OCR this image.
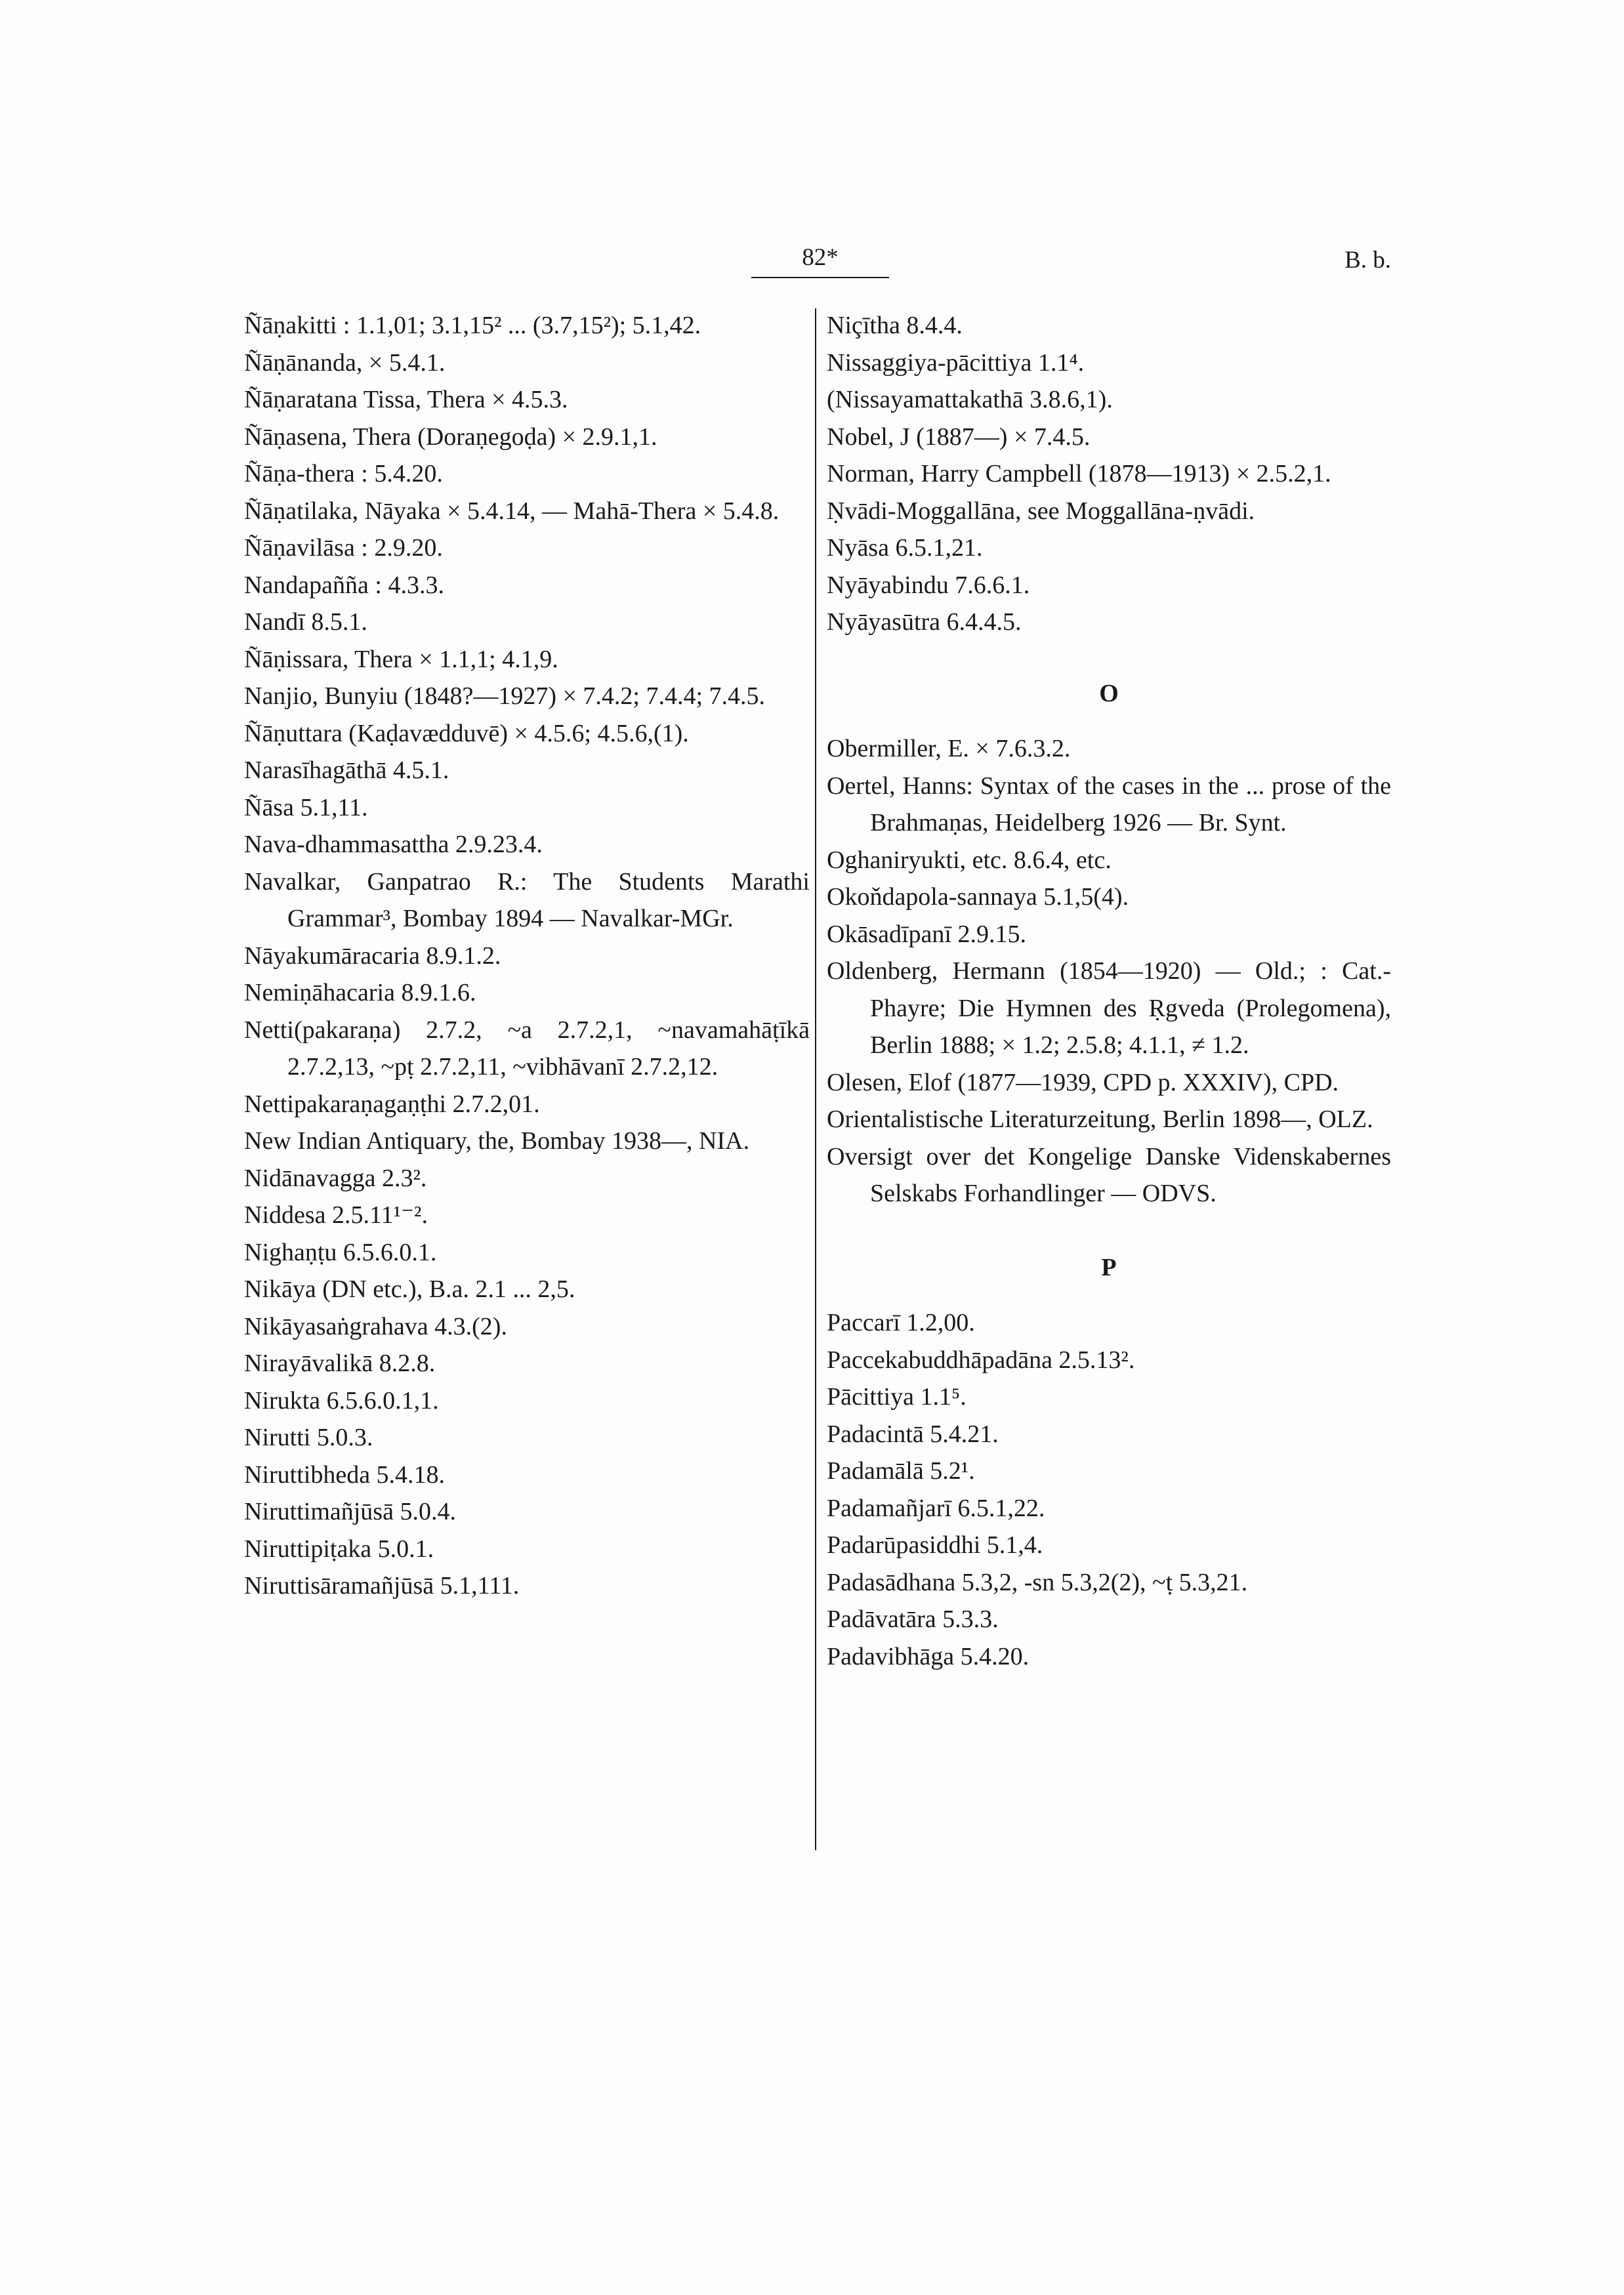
82*	B. b.

Ñāṇakitti : 1.1,01; 3.1,15² ... (3.7,15²); 5.1,42.

Ñāṇānanda, × 5.4.1.

Ñāṇaratana Tissa, Thera × 4.5.3.

Ñāṇasena, Thera (Doraṇegoḍa) × 2.9.1,1.

Ñāṇa-thera : 5.4.20.

Ñāṇatilaka, Nāyaka × 5.4.14, — Mahā-Thera × 5.4.8.

Ñāṇavilāsa : 2.9.20.

Nandapañña : 4.3.3.

Nandī 8.5.1.

Ñāṇissara, Thera × 1.1,1; 4.1,9.

Nanjio, Bunyiu (1848?—1927) × 7.4.2; 7.4.4; 7.4.5.

Ñāṇuttara (Kaḍavædduvē) × 4.5.6; 4.5.6,(1).

Narasīhagāthā 4.5.1.

Ñāsa 5.1,11.

Nava-dhammasattha 2.9.23.4.

Navalkar, Ganpatrao R.: The Students Marathi Grammar³, Bombay 1894 — Navalkar-MGr.

Nāyakumāracaria 8.9.1.2.

Nemiṇāhacaria 8.9.1.6.

Netti(pakaraṇa) 2.7.2, ~a 2.7.2,1, ~navamahāṭīkā 2.7.2,13, ~pṭ 2.7.2,11, ~vibhāvanī 2.7.2,12.

Nettipakaraṇagaṇṭhi 2.7.2,01.

New Indian Antiquary, the, Bombay 1938—, NIA.

Nidānavagga 2.3².

Niddesa 2.5.11¹⁻².

Nighaṇṭu 6.5.6.0.1.

Nikāya (DN etc.), B.a. 2.1 ... 2,5.

Nikāyasaṅgrahava 4.3.(2).

Nirayāvalikā 8.2.8.

Nirukta 6.5.6.0.1,1.

Nirutti 5.0.3.

Niruttibheda 5.4.18.

Niruttimañjūsā 5.0.4.

Niruttipiṭaka 5.0.1.

Niruttisāramañjūsā 5.1,111.

Niçītha 8.4.4.

Nissaggiya-pācittiya 1.1⁴.

(Nissayamattakathā 3.8.6,1).

Nobel, J (1887—) × 7.4.5.

Norman, Harry Campbell (1878—1913) × 2.5.2,1.

Ṇvādi-Moggallāna, see Moggallāna-ṇvādi.

Nyāsa 6.5.1,21.

Nyāyabindu 7.6.6.1.

Nyāyasūtra 6.4.4.5.

O

Obermiller, E. × 7.6.3.2.

Oertel, Hanns: Syntax of the cases in the ... prose of the Brahmaṇas, Heidelberg 1926 — Br. Synt.

Oghaniryukti, etc. 8.6.4, etc.

Okoňdapola-sannaya 5.1,5(4).

Okāsadīpanī 2.9.15.

Oldenberg, Hermann (1854—1920) — Old.; : Cat.-Phayre; Die Hymnen des Ṛgveda (Prolegomena), Berlin 1888; × 1.2; 2.5.8; 4.1.1, ≠ 1.2.

Olesen, Elof (1877—1939, CPD p. XXXIV), CPD.

Orientalistische Literaturzeitung, Berlin 1898—, OLZ.

Oversigt over det Kongelige Danske Videnskabernes Selskabs Forhandlinger — ODVS.

P

Paccarī 1.2,00.

Paccekabuddhāpadāna 2.5.13².

Pācittiya 1.1⁵.

Padacintā 5.4.21.

Padamālā 5.2¹.

Padamañjarī 6.5.1,22.

Padarūpasiddhi 5.1,4.

Padasādhana 5.3,2, -sn 5.3,2(2), ~ṭ 5.3,21.

Padāvatāra 5.3.3.

Padavibhāga 5.4.20.
